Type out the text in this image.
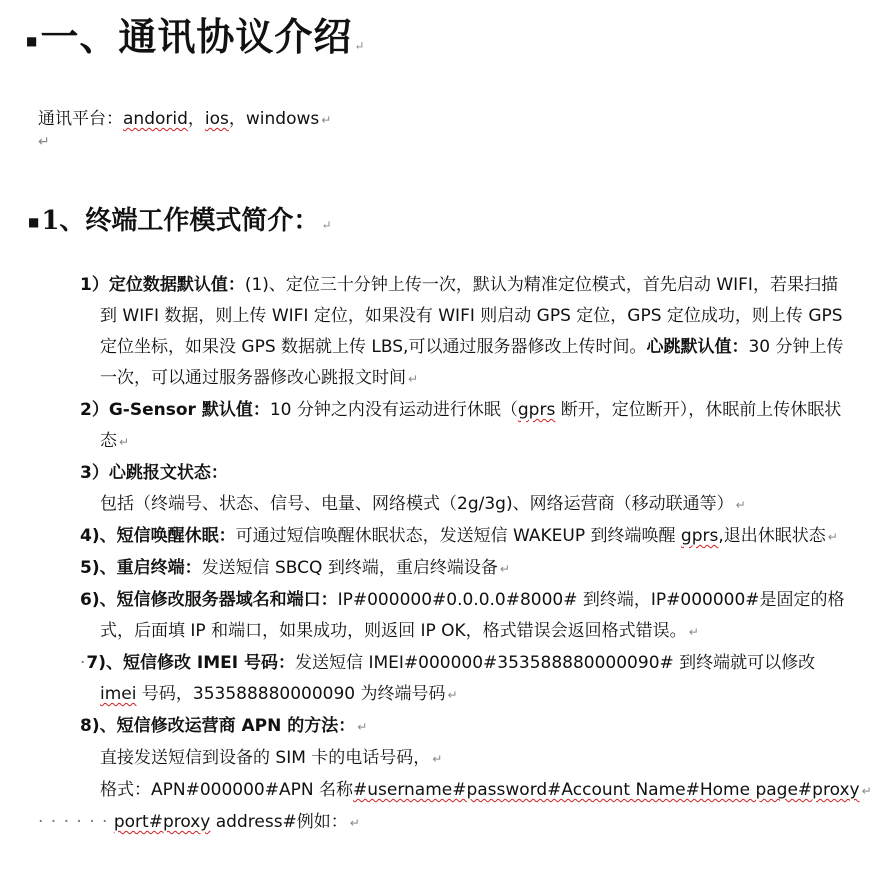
■一、通讯协议介绍 ↵
通讯平台：andorid，ios，windows ↵
↵
■1、终端工作模式简介： ↵

1）定位数据默认值：(1)、定位三十分钟上传一次，默认为精准定位模式，首先启动 WIFI，若果扫描到 WIFI 数据，则上传 WIFI 定位，如果没有 WIFI 则启动 GPS 定位，GPS 定位成功，则上传 GPS 定位坐标，如果没 GPS 数据就上传 LBS,可以通过服务器修改上传时间。心跳默认值：30 分钟上传一次，可以通过服务器修改心跳报文时间 ↵

2）G-Sensor 默认值：10 分钟之内没有运动进行休眠（gprs 断开，定位断开），休眠前上传休眠状态 ↵

3）心跳报文状态：包括（终端号、状态、信号、电量、网络模式（2g/3g)、网络运营商（移动联通等） ↵

4)、短信唤醒休眠：可通过短信唤醒休眠状态，发送短信 WAKEUP 到终端唤醒 gprs,退出休眠状态 ↵

5)、重启终端：发送短信 SBCQ 到终端，重启终端设备 ↵

6)、短信修改服务器域名和端口：IP#000000#0.0.0.0#8000# 到终端，IP#000000#是固定的格式，后面填 IP 和端口，如果成功，则返回 IP OK，格式错误会返回格式错误。 ↵

·7)、短信修改 IMEI 号码：发送短信 IMEI#000000#353588880000090# 到终端就可以修改 imei 号码，353588880000090 为终端号码 ↵

8)、短信修改运营商 APN 的方法： ↵

直接发送短信到设备的 SIM 卡的电话号码， ↵

格式：APN#000000#APN 名称#username#password#Account Name#Home page#proxy ↵

· · · · · · port#proxy address#例如： ↵
